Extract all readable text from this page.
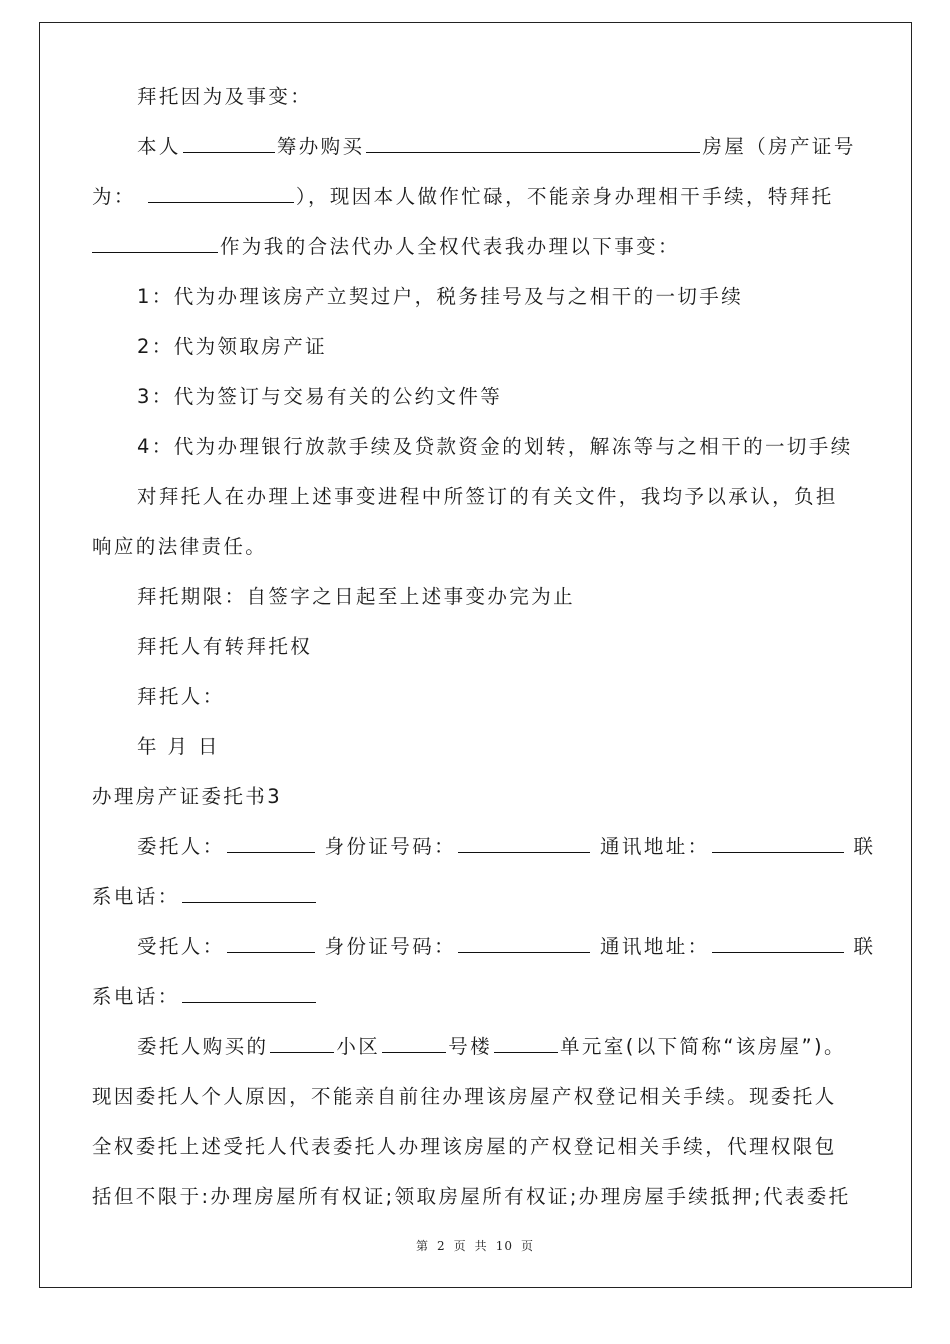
拜托因为及事变：
本人	筹办购买	房屋（房产证号
为：	），现因本人做作忙碌，不能亲身办理相干手续，特拜托
作为我的合法代办人全权代表我办理以下事变：
1：代为办理该房产立契过户，税务挂号及与之相干的一切手续
2：代为领取房产证
3：代为签订与交易有关的公约文件等
4：代为办理银行放款手续及贷款资金的划转，解冻等与之相干的一切手续
对拜托人在办理上述事变进程中所签订的有关文件，我均予以承认，负担
响应的法律责任。
拜托期限：自签字之日起至上述事变办完为止
拜托人有转拜托权
拜托人：
年 月 日
办理房产证委托书3
委托人：	身份证号码：	通讯地址：	联
系电话：
受托人：	身份证号码：	通讯地址：	联
系电话：
委托人购买的	小区	号楼	单元室(以下简称“该房屋”)。
现因委托人个人原因，不能亲自前往办理该房屋产权登记相关手续。现委托人
全权委托上述受托人代表委托人办理该房屋的产权登记相关手续，代理权限包
括但不限于:办理房屋所有权证;领取房屋所有权证;办理房屋手续抵押;代表委托
第 2 页 共 10 页
